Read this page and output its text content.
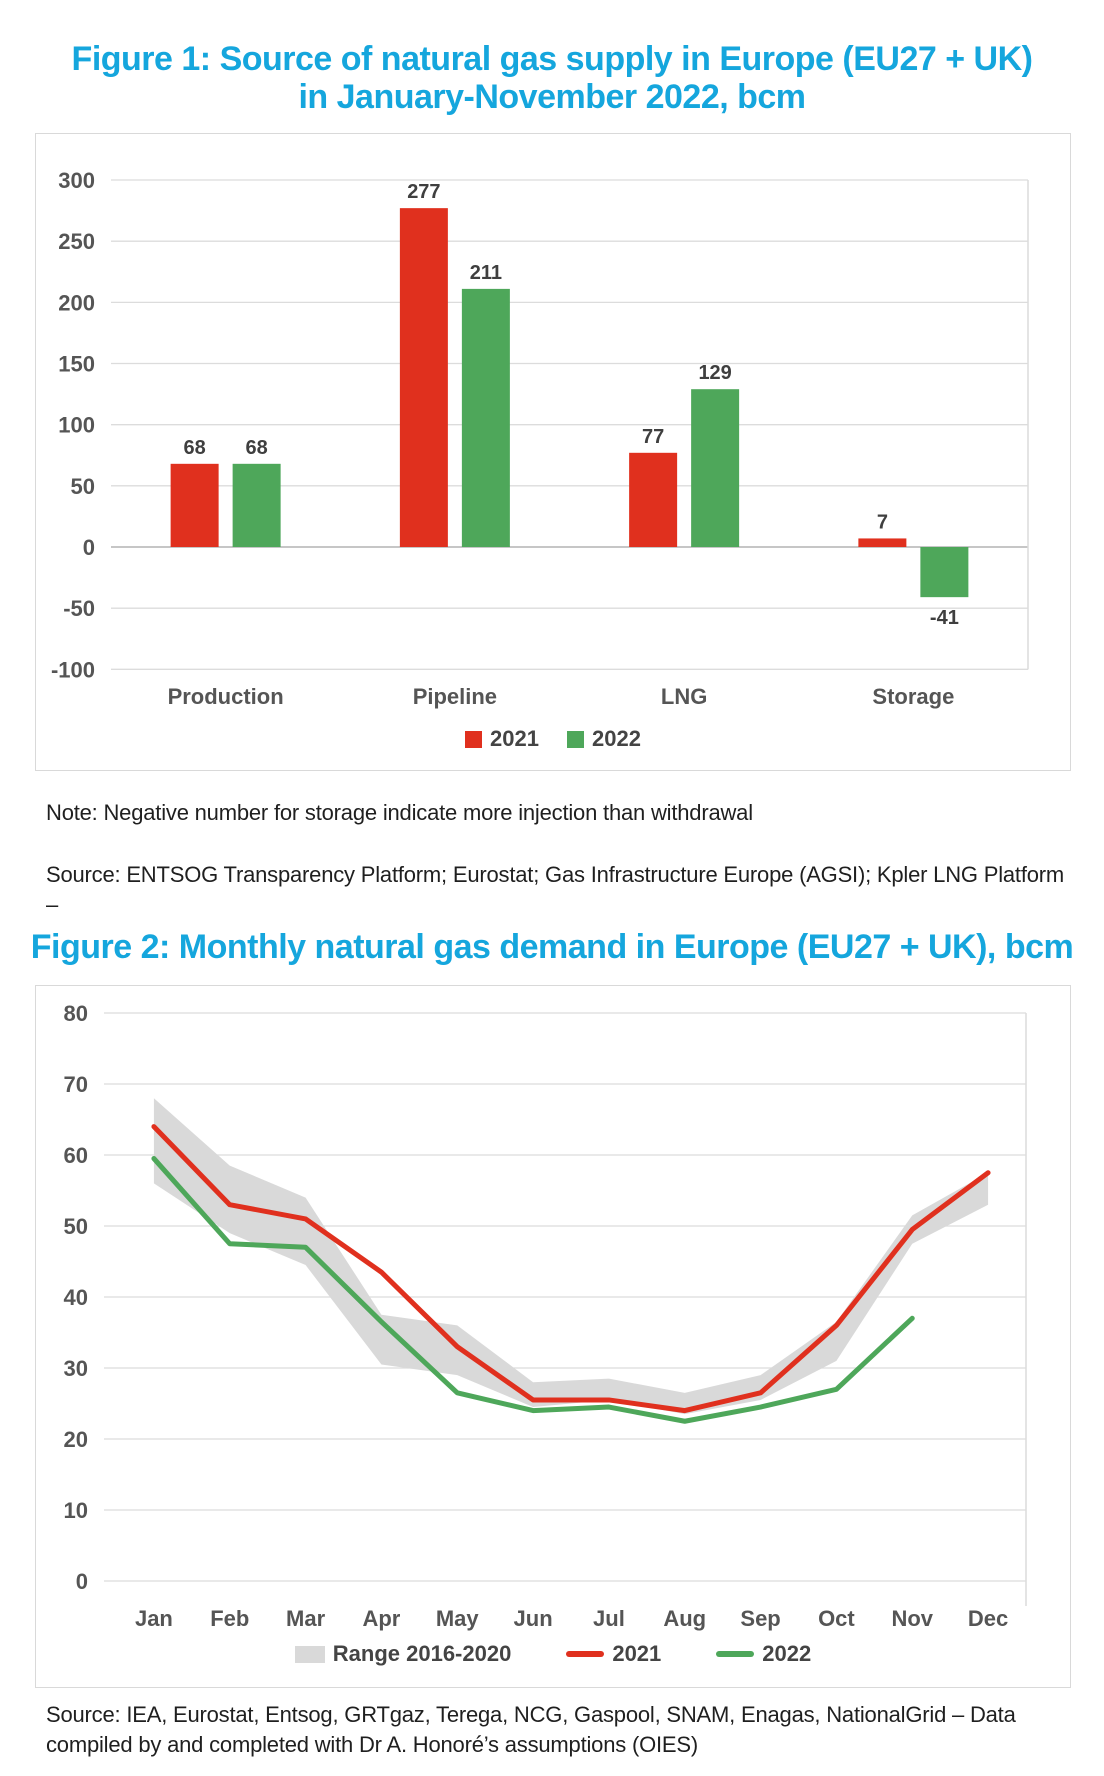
Figure 1: Source of natural gas supply in Europe (EU27 + UK)
in January-November 2022, bcm
300
250
200
150
100
50
0
-50
-100
Production
68 68
Pipeline
277
211
LNG
77
129
Storage
7
-41
2021 2022
Note: Negative number for storage indicate more injection than withdrawal
Source: ENTSOG Transparency Platform; Eurostat; Gas Infrastructure Europe (AGSI); Kpler LNG Platform –
Figure 2: Monthly natural gas demand in Europe (EU27 + UK), bcm
80
70
60
50
40
30
20
10
0
Jan Feb Mar Apr May Jun Jul Aug Sep Oct Nov Dec
Range 2016-2020	2021	2022
Source: IEA, Eurostat, Entsog, GRTgaz, Terega, NCG, Gaspool, SNAM, Enagas, NationalGrid – Data
compiled by and completed with Dr A. Honoré’s assumptions (OIES)
